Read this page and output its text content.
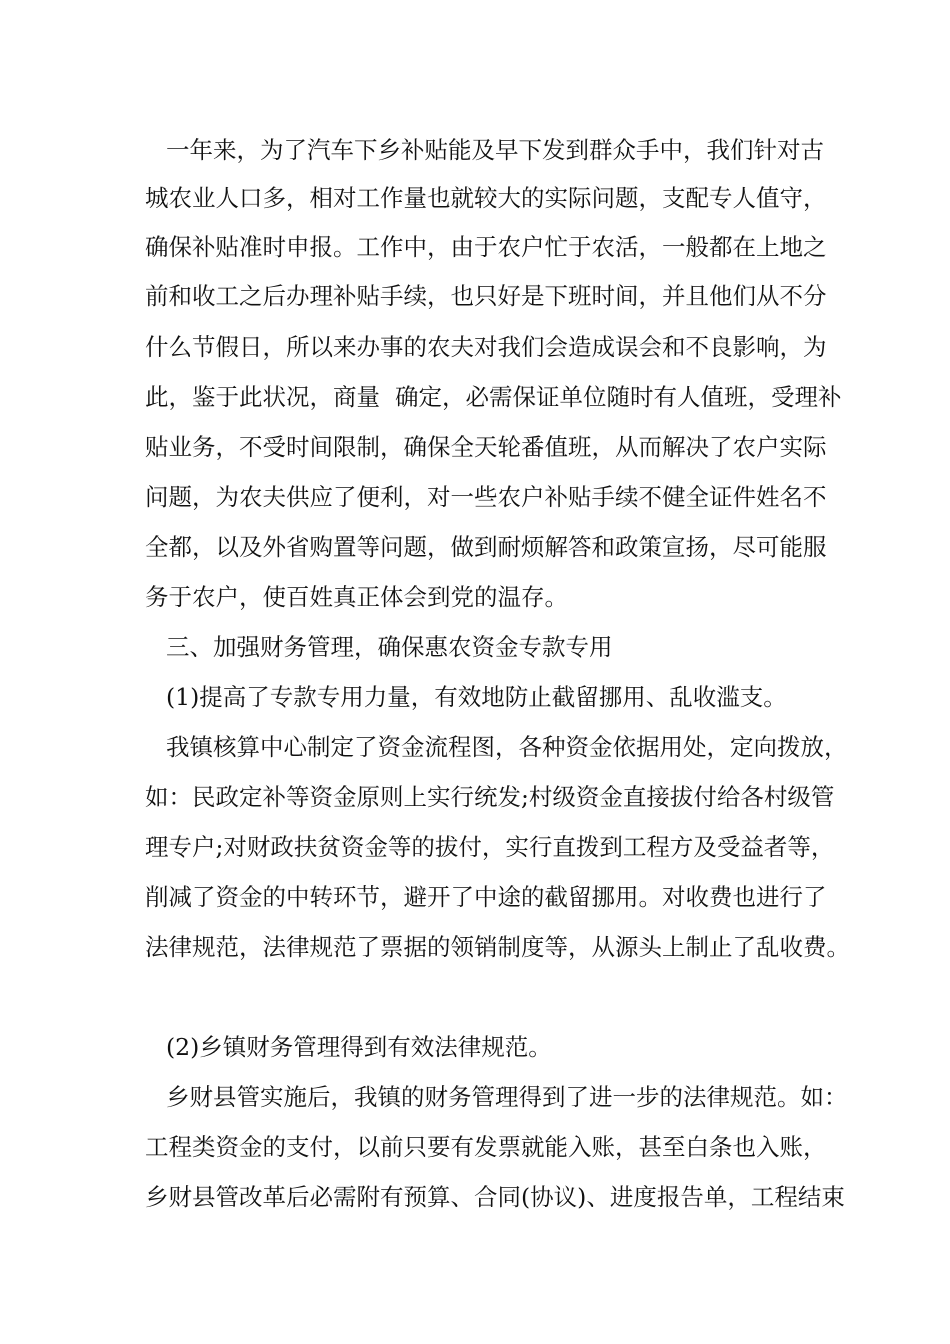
一年来，为了汽车下乡补贴能及早下发到群众手中，我们针对古
城农业人口多，相对工作量也就较大的实际问题，支配专人值守，
确保补贴准时申报。工作中，由于农户忙于农活，一般都在上地之
前和收工之后办理补贴手续，也只好是下班时间，并且他们从不分
什么节假日，所以来办事的农夫对我们会造成误会和不良影响，为
此，鉴于此状况，商量  确定，必需保证单位随时有人值班，受理补
贴业务，不受时间限制，确保全天轮番值班，从而解决了农户实际
问题，为农夫供应了便利，对一些农户补贴手续不健全证件姓名不
全都，以及外省购置等问题，做到耐烦解答和政策宣扬，尽可能服
务于农户，使百姓真正体会到党的温存。
三、加强财务管理，确保惠农资金专款专用
(1)提高了专款专用力量，有效地防止截留挪用、乱收滥支。
我镇核算中心制定了资金流程图，各种资金依据用处，定向拨放，
如：民政定补等资金原则上实行统发;村级资金直接拔付给各村级管
理专户;对财政扶贫资金等的拔付，实行直拨到工程方及受益者等，
削减了资金的中转环节，避开了中途的截留挪用。对收费也进行了
法律规范，法律规范了票据的领销制度等，从源头上制止了乱收费。
(2)乡镇财务管理得到有效法律规范。
乡财县管实施后，我镇的财务管理得到了进一步的法律规范。如：
工程类资金的支付，以前只要有发票就能入账，甚至白条也入账，
乡财县管改革后必需附有预算、合同(协议)、进度报告单，工程结束
